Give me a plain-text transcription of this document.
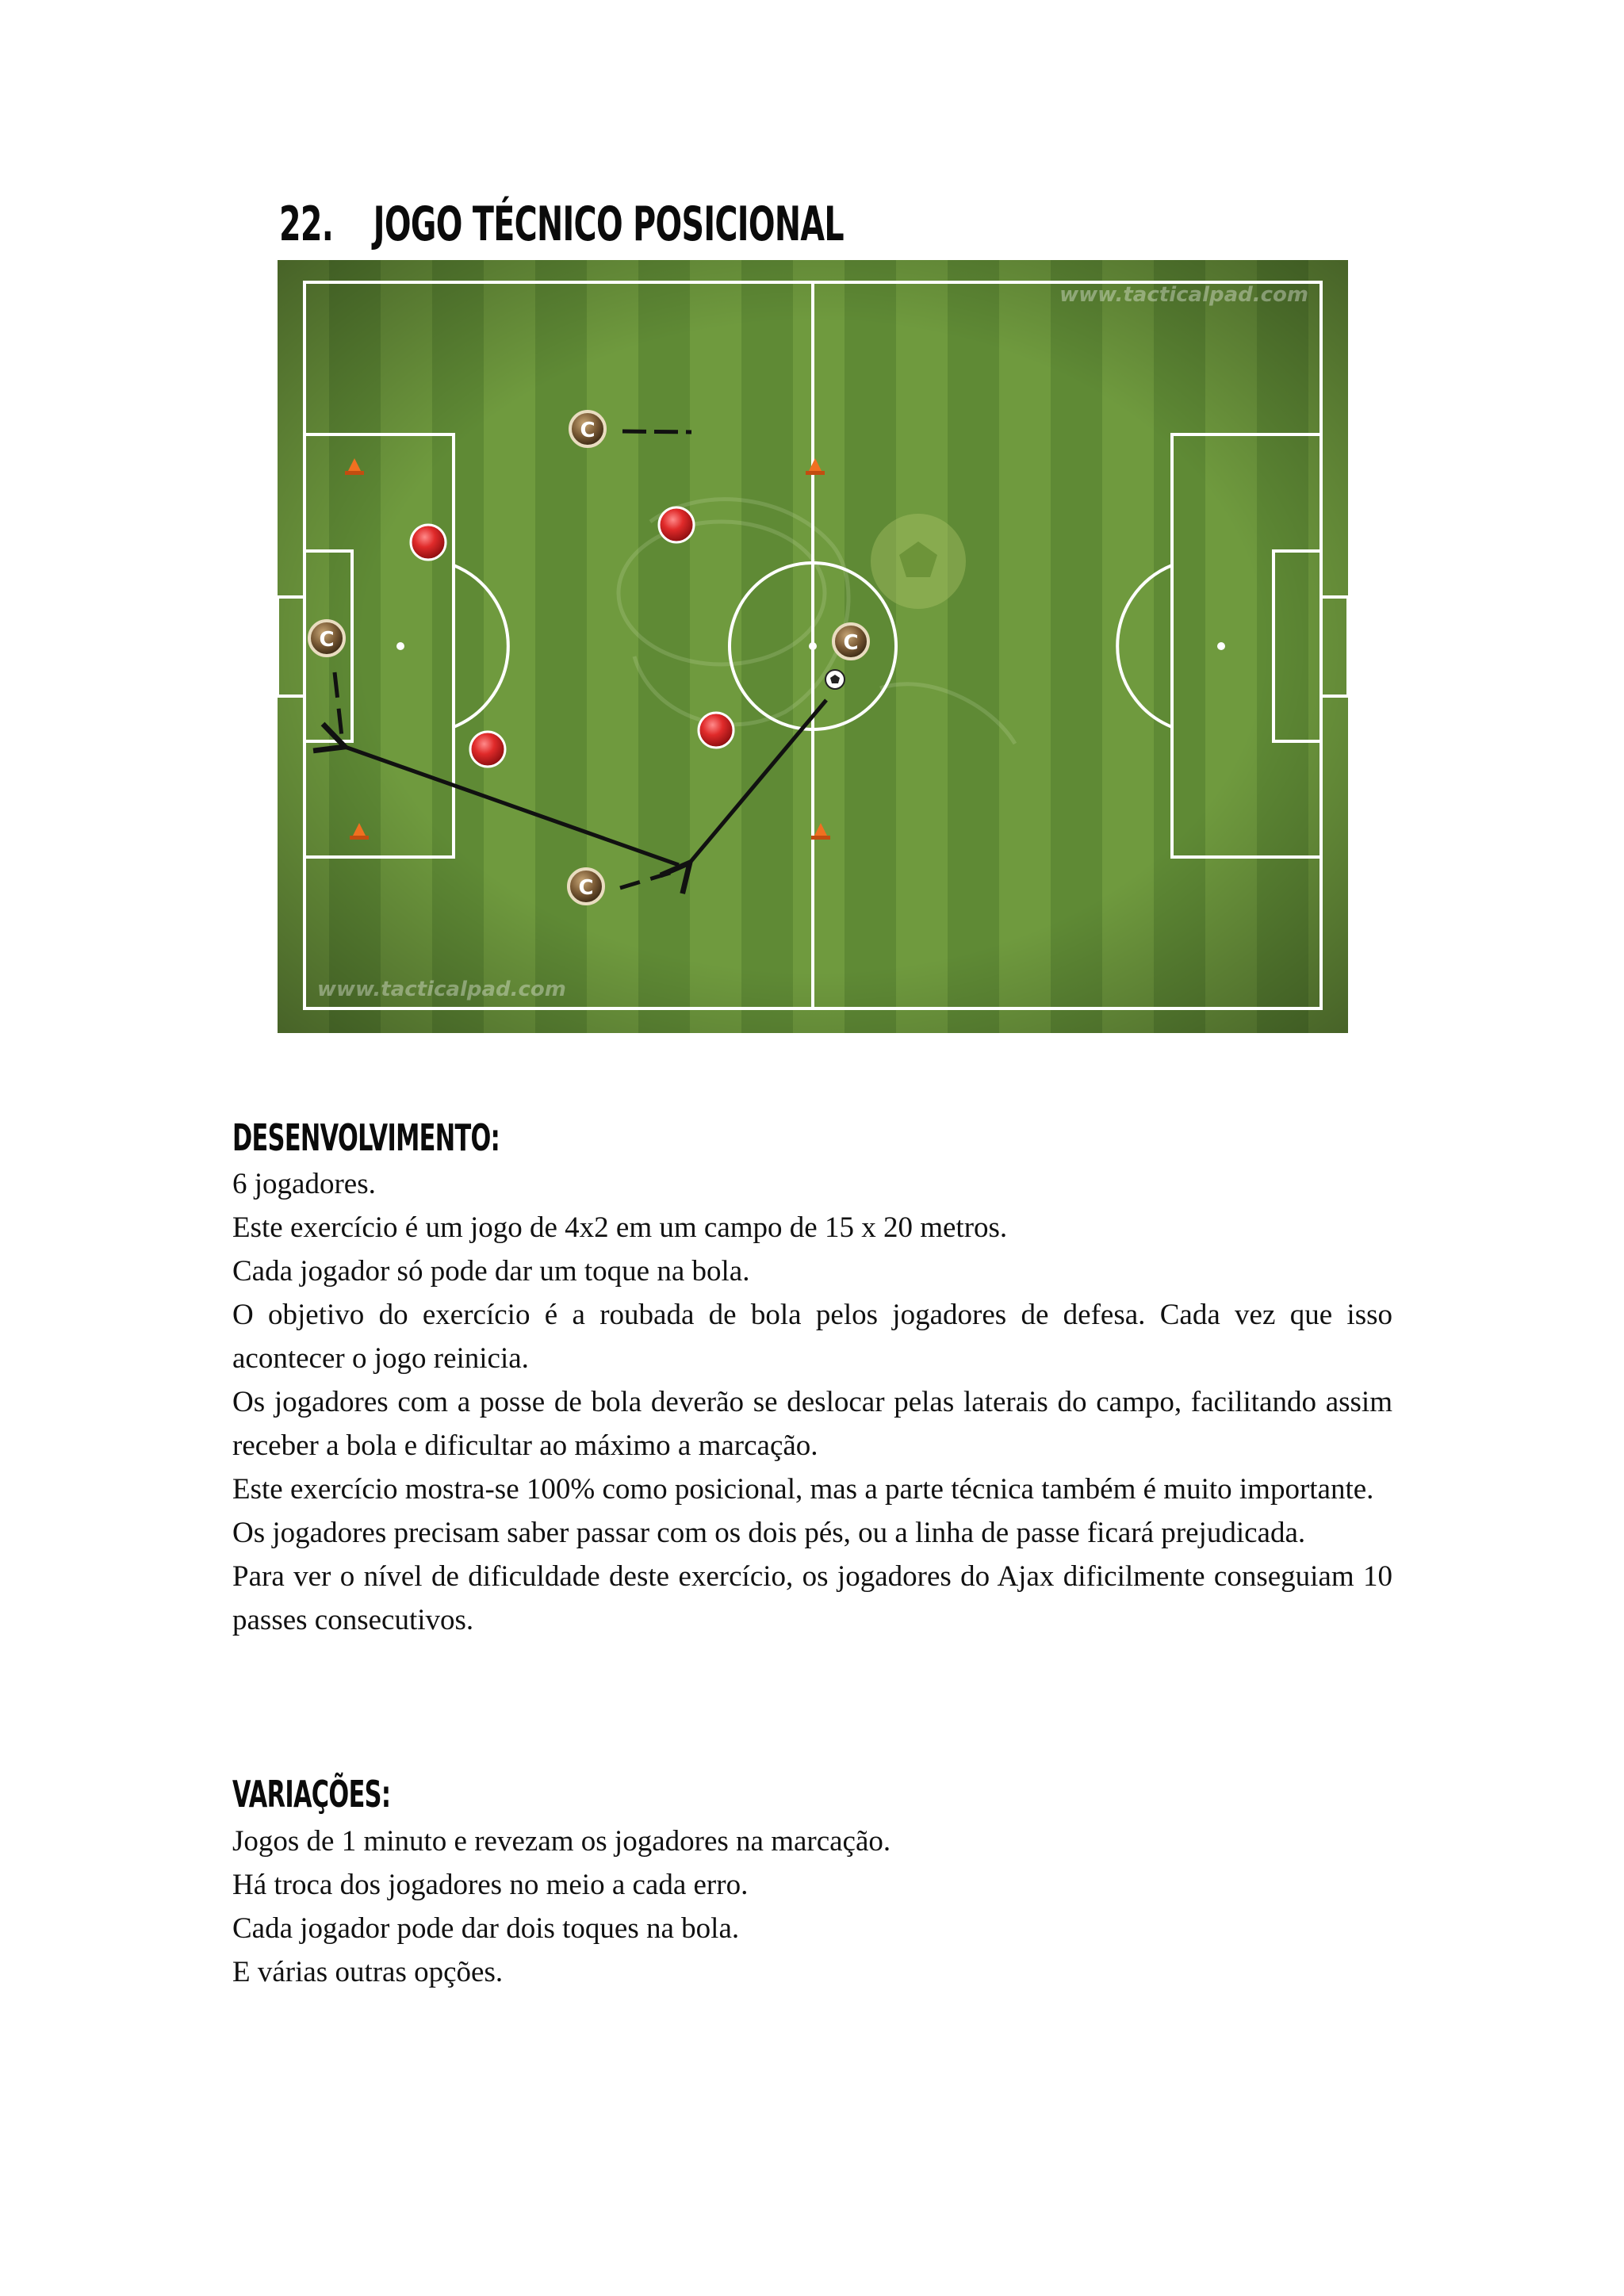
22. JOGO TÉCNICO POSICIONAL
www.tacticalpad.com
www.tacticalpad.com
C
C	C
C
DESENVOLVIMENTO:

6 jogadores.

Este exercício é um jogo de 4x2 em um campo de 15 x 20 metros.

Cada jogador só pode dar um toque na bola.

O objetivo do exercício é a roubada de bola pelos jogadores de defesa. Cada vez que isso acontecer o jogo reinicia.

Os jogadores com a posse de bola deverão se deslocar pelas laterais do campo, facilitando assim receber a bola e dificultar ao máximo a marcação.

Este exercício mostra-se 100% como posicional, mas a parte técnica também é muito importante.

Os jogadores precisam saber passar com os dois pés, ou a linha de passe ficará prejudicada.

Para ver o nível de dificuldade deste exercício, os jogadores do Ajax dificilmente conseguiam 10 passes consecutivos.

VARIAÇÕES:

Jogos de 1 minuto e revezam os jogadores na marcação.

Há troca dos jogadores no meio a cada erro.

Cada jogador pode dar dois toques na bola.

E várias outras opções.
